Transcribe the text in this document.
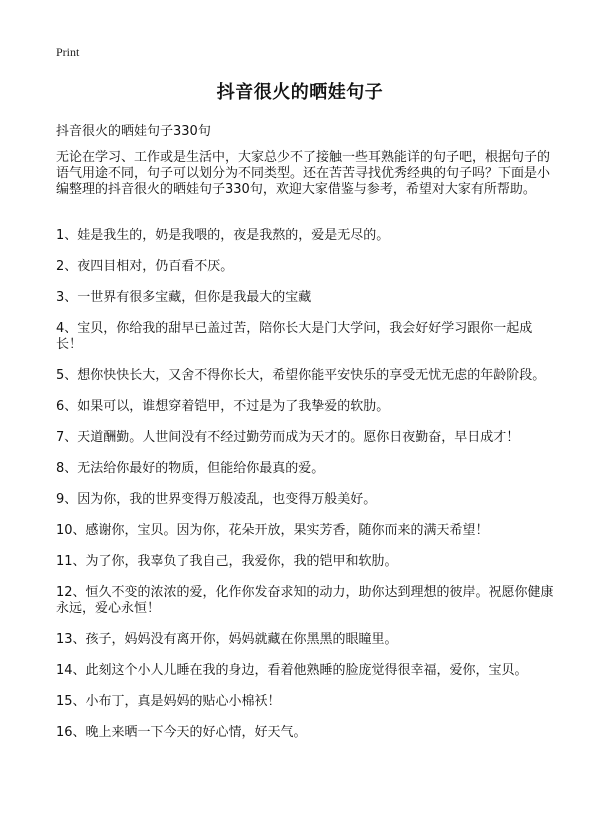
Print
抖音很火的晒娃句子
抖音很火的晒娃句子330句

无论在学习、工作或是生活中，大家总少不了接触一些耳熟能详的句子吧，根据句子的语气用途不同，句子可以划分为不同类型。还在苦苦寻找优秀经典的句子吗？下面是小编整理的抖音很火的晒娃句子330句，欢迎大家借鉴与参考，希望对大家有所帮助。

1、娃是我生的，奶是我喂的，夜是我熬的，爱是无尽的。
2、夜四目相对，仍百看不厌。
3、一世界有很多宝藏，但你是我最大的宝藏
4、宝贝，你给我的甜早已盖过苦，陪你长大是门大学问，我会好好学习跟你一起成长！
5、想你快快长大，又舍不得你长大，希望你能平安快乐的享受无忧无虑的年龄阶段。
6、如果可以，谁想穿着铠甲，不过是为了我挚爱的软肋。
7、天道酬勤。人世间没有不经过勤劳而成为天才的。愿你日夜勤奋，早日成才！
8、无法给你最好的物质，但能给你最真的爱。
9、因为你，我的世界变得万般凌乱，也变得万般美好。
10、感谢你，宝贝。因为你，花朵开放，果实芳香，随你而来的满天希望！
11、为了你，我辜负了我自己，我爱你，我的铠甲和软肋。
12、恒久不变的浓浓的爱，化作你发奋求知的动力，助你达到理想的彼岸。祝愿你健康永远，爱心永恒！
13、孩子，妈妈没有离开你，妈妈就藏在你黑黑的眼瞳里。
14、此刻这个小人儿睡在我的身边，看着他熟睡的脸庞觉得很幸福，爱你，宝贝。
15、小布丁，真是妈妈的贴心小棉袄！
16、晚上来晒一下今天的好心情，好天气。
